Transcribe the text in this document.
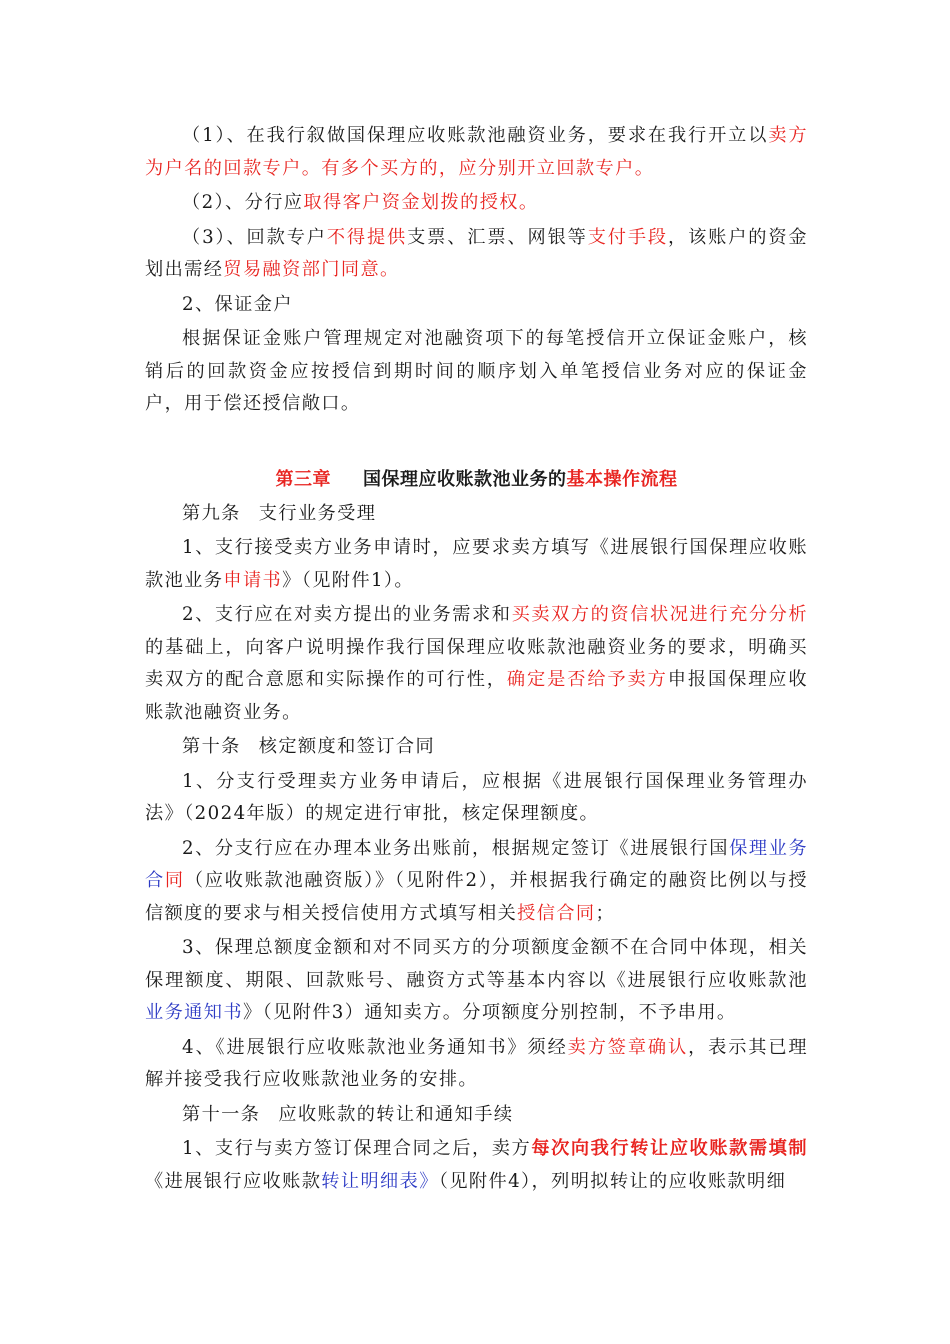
（1）、在我行叙做国保理应收账款池融资业务，要求在我行开立以卖方为户名的回款专户。有多个买方的，应分别开立回款专户。

（2）、分行应取得客户资金划拨的授权。

（3）、回款专户不得提供支票、汇票、网银等支付手段，该账户的资金划出需经贸易融资部门同意。

2、保证金户

根据保证金账户管理规定对池融资项下的每笔授信开立保证金账户，核销后的回款资金应按授信到期时间的顺序划入单笔授信业务对应的保证金户，用于偿还授信敞口。

第三章 国保理应收账款池业务的基本操作流程

第九条 支行业务受理

1、支行接受卖方业务申请时，应要求卖方填写《进展银行国保理应收账款池业务申请书》（见附件1）。

2、支行应在对卖方提出的业务需求和买卖双方的资信状况进行充分分析的基础上，向客户说明操作我行国保理应收账款池融资业务的要求，明确买卖双方的配合意愿和实际操作的可行性，确定是否给予卖方申报国保理应收账款池融资业务。

第十条 核定额度和签订合同

1、分支行受理卖方业务申请后，应根据《进展银行国保理业务管理办法》（2024年版）的规定进行审批，核定保理额度。

2、分支行应在办理本业务出账前，根据规定签订《进展银行国保理业务合同（应收账款池融资版）》（见附件2），并根据我行确定的融资比例以与授信额度的要求与相关授信使用方式填写相关授信合同；

3、保理总额度金额和对不同买方的分项额度金额不在合同中体现，相关保理额度、期限、回款账号、融资方式等基本内容以《进展银行应收账款池业务通知书》（见附件3）通知卖方。分项额度分别控制，不予串用。

4、《进展银行应收账款池业务通知书》须经卖方签章确认，表示其已理解并接受我行应收账款池业务的安排。

第十一条 应收账款的转让和通知手续

1、支行与卖方签订保理合同之后，卖方每次向我行转让应收账款需填制《进展银行应收账款转让明细表》（见附件4），列明拟转让的应收账款明细
